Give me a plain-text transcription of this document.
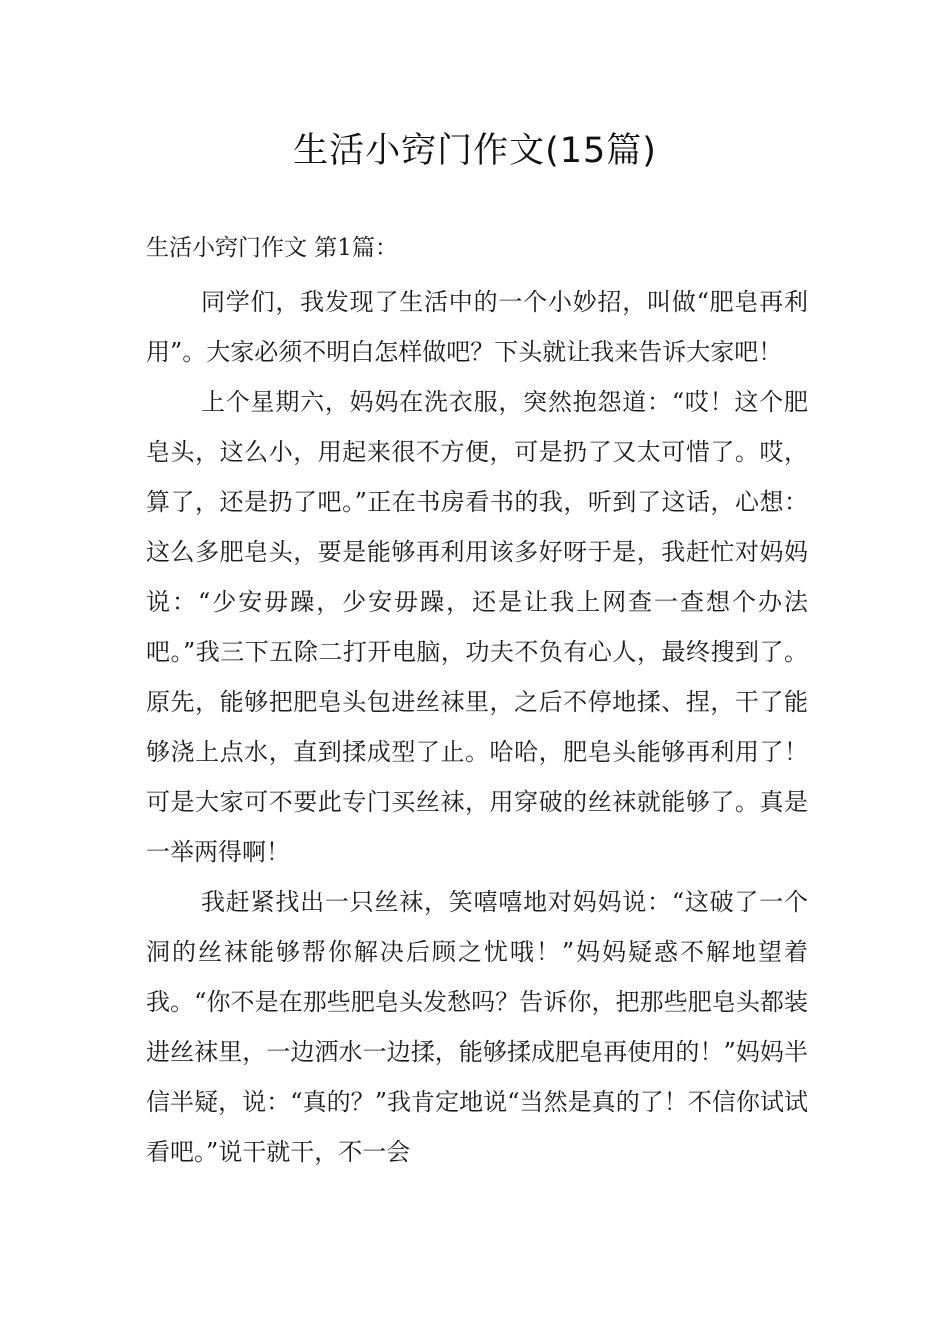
生活小窍门作文(15篇)

生活小窍门作文 第1篇：

同学们，我发现了生活中的一个小妙招，叫做“肥皂再利用”。大家必须不明白怎样做吧？下头就让我来告诉大家吧！

上个星期六，妈妈在洗衣服，突然抱怨道：“哎！这个肥皂头，这么小，用起来很不方便，可是扔了又太可惜了。哎，算了，还是扔了吧。”正在书房看书的我，听到了这话，心想：这么多肥皂头，要是能够再利用该多好呀于是，我赶忙对妈妈说：“少安毋躁，少安毋躁，还是让我上网查一查想个办法吧。”我三下五除二打开电脑，功夫不负有心人，最终搜到了。原先，能够把肥皂头包进丝袜里，之后不停地揉、捏，干了能够浇上点水，直到揉成型了止。哈哈，肥皂头能够再利用了！可是大家可不要此专门买丝袜，用穿破的丝袜就能够了。真是一举两得啊！

我赶紧找出一只丝袜，笑嘻嘻地对妈妈说：“这破了一个洞的丝袜能够帮你解决后顾之忧哦！”妈妈疑惑不解地望着我。“你不是在那些肥皂头发愁吗？告诉你，把那些肥皂头都装进丝袜里，一边洒水一边揉，能够揉成肥皂再使用的！”妈妈半信半疑，说：“真的？”我肯定地说“当然是真的了！不信你试试看吧。”说干就干，不一会
